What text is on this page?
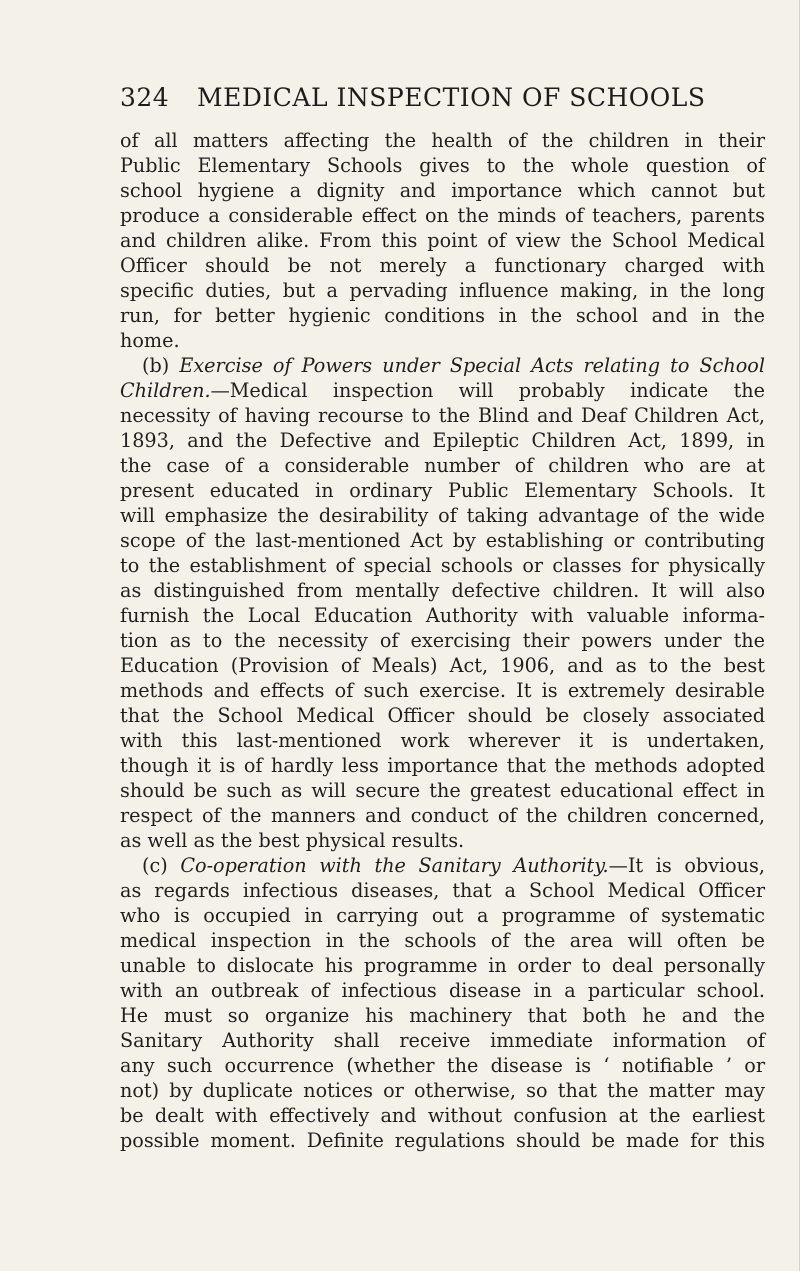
324 MEDICAL INSPECTION OF SCHOOLS
of all matters affecting the health of the children in their
Public Elementary Schools gives to the whole question of
school hygiene a dignity and importance which cannot but
produce a considerable effect on the minds of teachers, parents
and children alike. From this point of view the School Medical
Officer should be not merely a functionary charged with
specific duties, but a pervading influence making, in the long
run, for better hygienic conditions in the school and in the
home.
(b) Exercise of Powers under Special Acts relating to School
Children.—Medical inspection will probably indicate the
necessity of having recourse to the Blind and Deaf Children Act,
1893, and the Defective and Epileptic Children Act, 1899, in
the case of a considerable number of children who are at
present educated in ordinary Public Elementary Schools. It
will emphasize the desirability of taking advantage of the wide
scope of the last-mentioned Act by establishing or contributing
to the establishment of special schools or classes for physically
as distinguished from mentally defective children. It will also
furnish the Local Education Authority with valuable informa-
tion as to the necessity of exercising their powers under the
Education (Provision of Meals) Act, 1906, and as to the best
methods and effects of such exercise. It is extremely desirable
that the School Medical Officer should be closely associated
with this last-mentioned work wherever it is undertaken,
though it is of hardly less importance that the methods adopted
should be such as will secure the greatest educational effect in
respect of the manners and conduct of the children concerned,
as well as the best physical results.
(c) Co-operation with the Sanitary Authority.—It is obvious,
as regards infectious diseases, that a School Medical Officer
who is occupied in carrying out a programme of systematic
medical inspection in the schools of the area will often be
unable to dislocate his programme in order to deal personally
with an outbreak of infectious disease in a particular school.
He must so organize his machinery that both he and the
Sanitary Authority shall receive immediate information of
any such occurrence (whether the disease is ‘ notifiable ’ or
not) by duplicate notices or otherwise, so that the matter may
be dealt with effectively and without confusion at the earliest
possible moment. Definite regulations should be made for this
